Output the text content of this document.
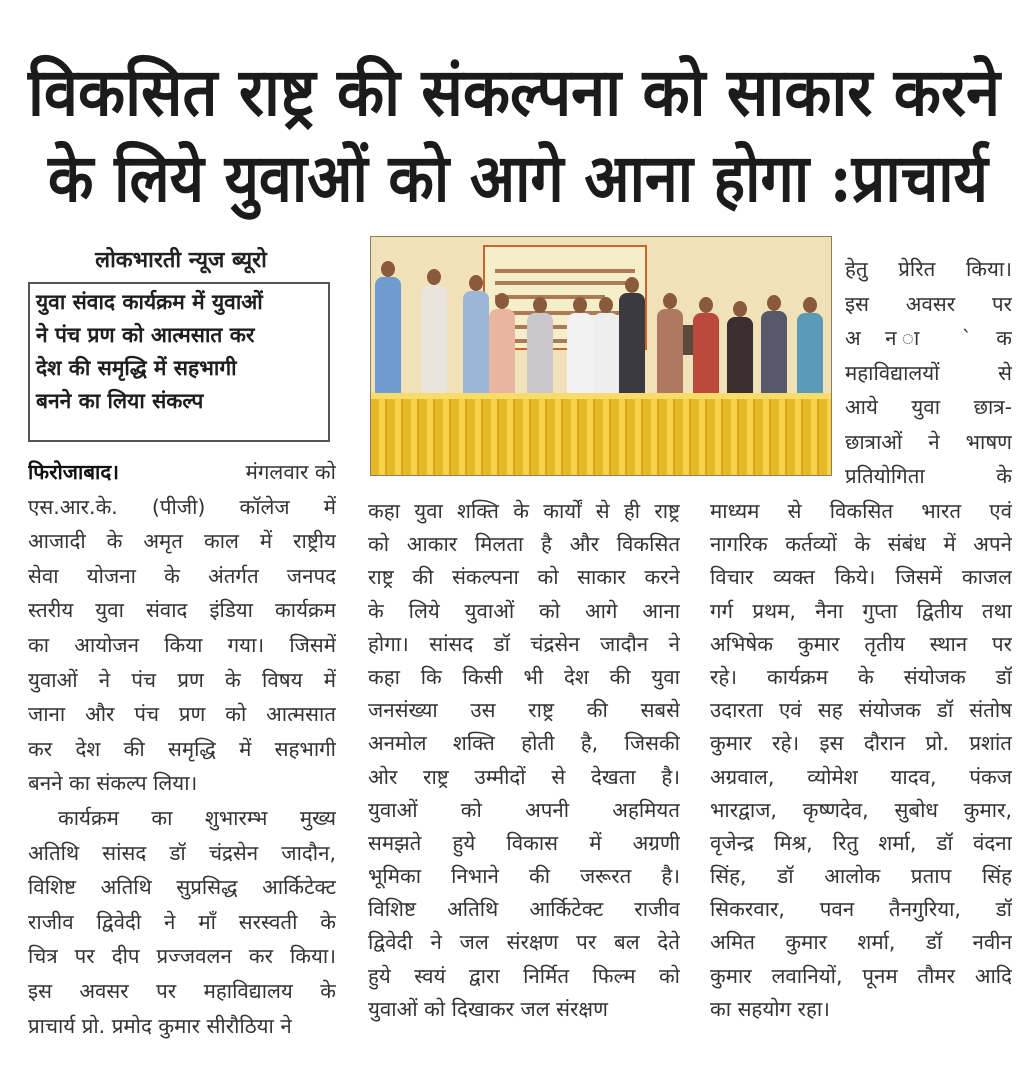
विकसित राष्ट्र की संकल्पना को साकार करने
के लिये युवाओं को आगे आना होगा :प्राचार्य
लोकभारती न्यूज ब्यूरो
युवा संवाद कार्यक्रम में युवाओं
ने पंच प्रण को आत्मसात कर
देश की समृद्धि में सहभागी
बनने का लिया संकल्प
फिरोजाबाद।	मंगलवार को
एस.आर.के. (पीजी) कॉलेज में
आजादी के अमृत काल में राष्ट्रीय
सेवा योजना के अंतर्गत जनपद
स्तरीय युवा संवाद इंडिया कार्यक्रम
का आयोजन किया गया। जिसमें
युवाओं ने पंच प्रण के विषय में
जाना और पंच प्रण को आत्मसात
कर देश की समृद्धि में सहभागी
बनने का संकल्प लिया।
कार्यक्रम का शुभारम्भ मुख्य
अतिथि सांसद डॉ चंद्रसेन जादौन,
विशिष्ट अतिथि सुप्रसिद्ध आर्किटेक्ट
राजीव द्विवेदी ने माँ सरस्वती के
चित्र पर दीप प्रज्जवलन कर किया।
इस अवसर पर महाविद्यालय के
प्राचार्य प्रो. प्रमोद कुमार सीरौठिया ने
कहा युवा शक्ति के कार्यों से ही राष्ट्र
को आकार मिलता है और विकसित
राष्ट्र की संकल्पना को साकार करने
के लिये युवाओं को आगे आना
होगा। सांसद डॉ चंद्रसेन जादौन ने
कहा कि किसी भी देश की युवा
जनसंख्या उस राष्ट्र की सबसे
अनमोल शक्ति होती है, जिसकी
ओर राष्ट्र उम्मीदों से देखता है।
युवाओं को अपनी अहमियत
समझते हुये विकास में अग्रणी
भूमिका निभाने की जरूरत है।
विशिष्ट अतिथि आर्किटेक्ट राजीव
द्विवेदी ने जल संरक्षण पर बल देते
हुये स्वयं द्वारा निर्मित फिल्म को
युवाओं को दिखाकर जल संरक्षण
माध्यम से विकसित भारत एवं
नागरिक कर्तव्यों के संबंध में अपने
विचार व्यक्त किये। जिसमें काजल
गर्ग प्रथम, नैना गुप्ता द्वितीय तथा
अभिषेक कुमार तृतीय स्थान पर
रहे। कार्यक्रम के संयोजक डॉ
उदारता एवं सह संयोजक डॉ संतोष
कुमार रहे। इस दौरान प्रो. प्रशांत
अग्रवाल, व्योमेश यादव, पंकज
भारद्वाज, कृष्णदेव, सुबोध कुमार,
वृजेन्द्र मिश्र, रितु शर्मा, डॉ वंदना
सिंह, डॉ आलोक प्रताप सिंह
सिकरवार, पवन तैनगुरिया, डॉ
अमित कुमार शर्मा, डॉ नवीन
कुमार लवानियों, पूनम तौमर आदि
का सहयोग रहा।
हेतु प्रेरित किया।
इस अवसर पर
अ न ा ` क
महाविद्यालयों से
आये युवा छात्र-
छात्राओं ने भाषण
प्रतियोगिता के
